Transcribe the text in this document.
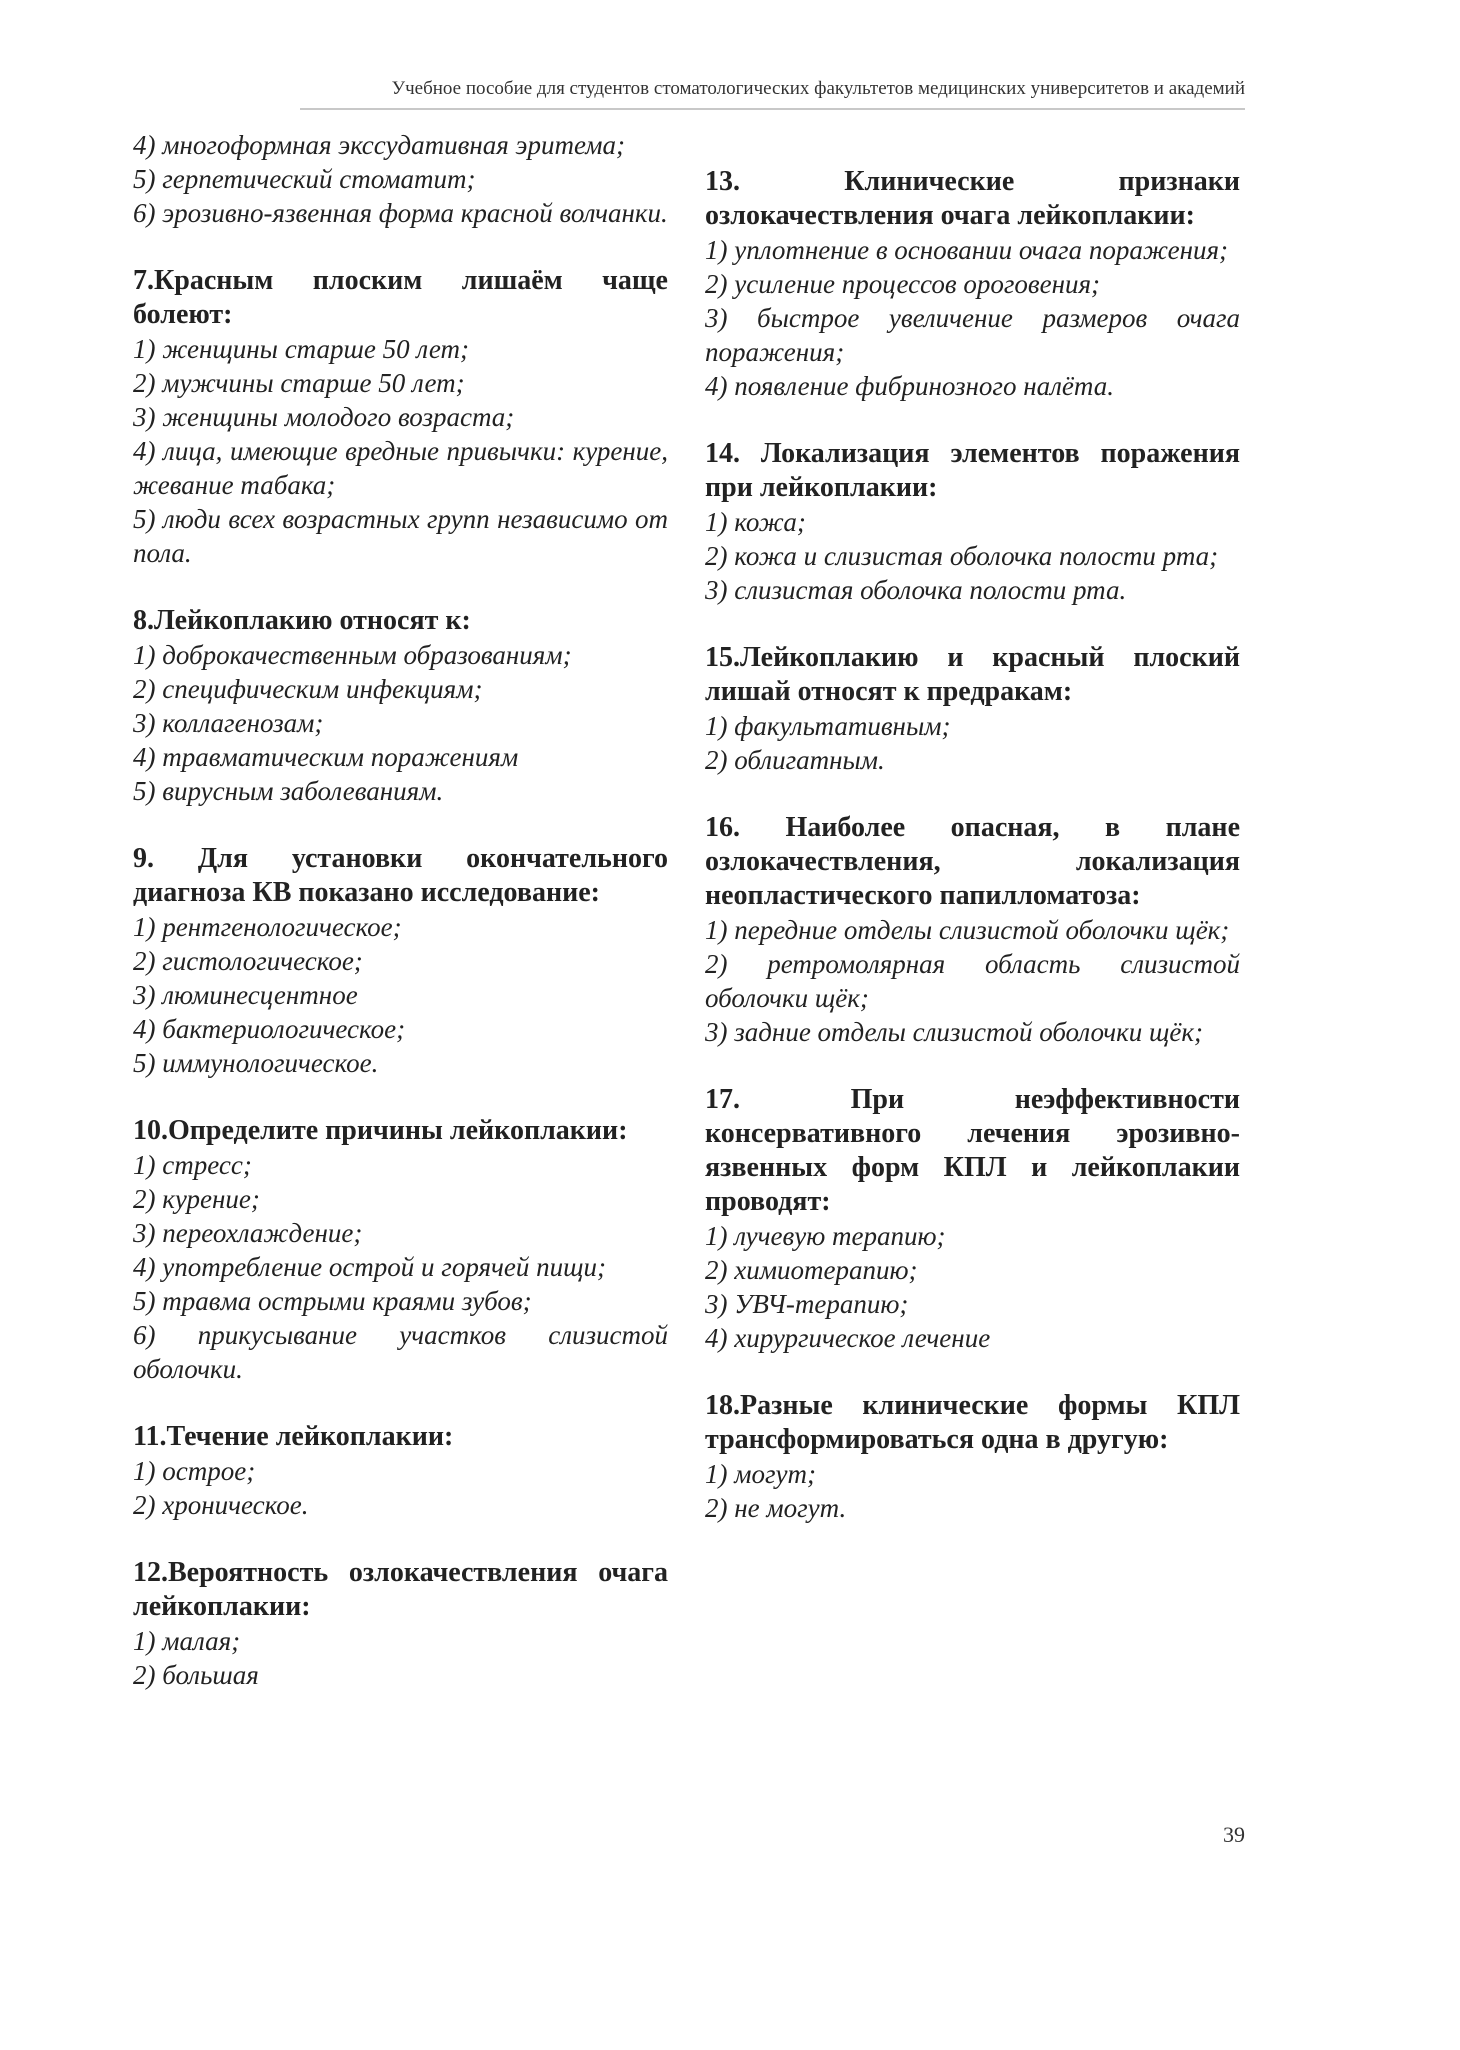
Учебное пособие для студентов стоматологических факультетов медицинских университетов и академий
4) многоформная экссудативная эритема;
5) герпетический стоматит;
6) эрозивно-язвенная форма красной волчанки.
7.Красным плоским лишаём чаще болеют:
1) женщины старше 50 лет;
2) мужчины старше 50 лет;
3) женщины молодого возраста;
4) лица, имеющие вредные привычки: курение, жевание табака;
5) люди всех возрастных групп независимо от пола.
8.Лейкоплакию относят к:
1) доброкачественным образованиям;
2) специфическим инфекциям;
3) коллагенозам;
4) травматическим поражениям
5) вирусным заболеваниям.
9. Для установки окончательного диагноза КВ показано исследование:
1) рентгенологическое;
2) гистологическое;
3) люминесцентное
4) бактериологическое;
5) иммунологическое.
10.Определите причины лейкоплакии:
1) стресс;
2) курение;
3) переохлаждение;
4) употребление острой и горячей пищи;
5) травма острыми краями зубов;
6) прикусывание участков слизистой оболочки.
11.Течение лейкоплакии:
1) острое;
2) хроническое.
12.Вероятность озлокачествления очага лейкоплакии:
1) малая;
2) большая
13. Клинические признаки озлокачествления очага лейкоплакии:
1) уплотнение в основании очага поражения;
2) усиление процессов ороговения;
3) быстрое увеличение размеров очага поражения;
4) появление фибринозного налёта.
14. Локализация элементов поражения при лейкоплакии:
1) кожа;
2) кожа и слизистая оболочка полости рта;
3) слизистая оболочка полости рта.
15.Лейкоплакию и красный плоский лишай относят к предракам:
1) факультативным;
2) облигатным.
16. Наиболее опасная, в плане озлокачествления, локализация неопластического папилломатоза:
1) передние отделы слизистой оболочки щёк;
2) ретромолярная область слизистой оболочки щёк;
3) задние отделы слизистой оболочки щёк;
17. При неэффективности консервативного лечения эрозивно-язвенных форм КПЛ и лейкоплакии проводят:
1) лучевую терапию;
2) химиотерапию;
3) УВЧ-терапию;
4) хирургическое лечение
18.Разные клинические формы КПЛ трансформироваться одна в другую:
1) могут;
2) не могут.
39
